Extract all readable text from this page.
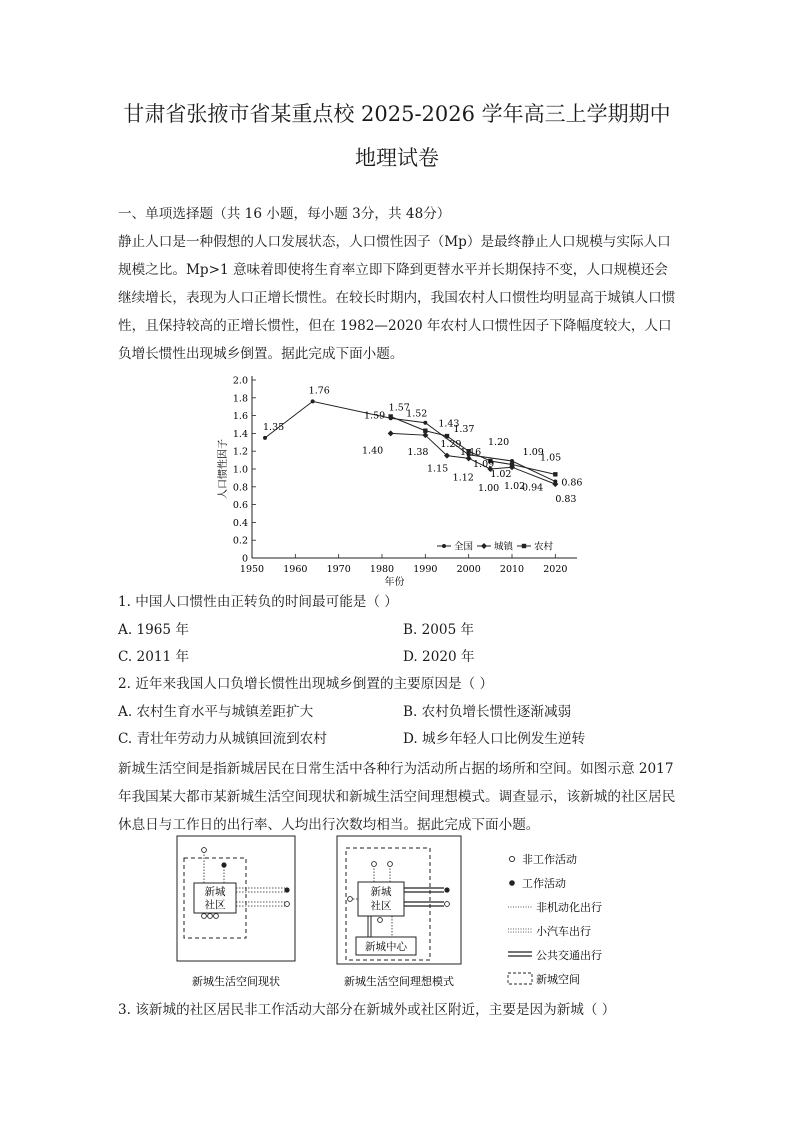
甘肃省张掖市省某重点校 2025-2026 学年高三上学期期中
地理试卷

一、单项选择题（共 16 小题，每小题 3分，共 48分）

静止人口是一种假想的人口发展状态，人口惯性因子（Mp）是最终静止人口规模与实际人口规模之比。Mp>1 意味着即使将生育率立即下降到更替水平并长期保持不变，人口规模还会继续增长，表现为人口正增长惯性。在较长时期内，我国农村人口惯性均明显高于城镇人口惯性，且保持较高的正增长惯性，但在 1982—2020 年农村人口惯性因子下降幅度较大，人口负增长惯性出现城乡倒置。据此完成下面小题。

0
0.2
0.4
0.6
0.8
1.0
1.2
1.4
1.6
1.8
2.0
1950 1960 1970 1980 1990 2000 2010 2020
年份
人口惯性因子
1.35
1.76
1.57
1.52
1.43
1.37
1.59
1.29	1.20
1.16
1.09
1.40	1.38	1.09
1.02
1.05
0.86
1.15
1.12
1.00 1.02
0.94
0.83
全国 城镇 农村
1. 中国人口惯性由正转负的时间最可能是（ ）
A. 1965 年	B. 2005 年
C. 2011 年	D. 2020 年
2. 近年来我国人口负增长惯性出现城乡倒置的主要原因是（ ）
A. 农村生育水平与城镇差距扩大	B. 农村负增长惯性逐渐减弱
C. 青壮年劳动力从城镇回流到农村	D. 城乡年轻人口比例发生逆转

新城生活空间是指新城居民在日常生活中各种行为活动所占据的场所和空间。如图示意 2017 年我国某大都市某新城生活空间现状和新城生活空间理想模式。调查显示，该新城的社区居民休息日与工作日的出行率、人均出行次数均相当。据此完成下面小题。

新城
社区
新城生活空间现状
新城
社区
新城中心
新城生活空间理想模式
非工作活动
工作活动
非机动化出行
小汽车出行
公共交通出行
新城空间
3. 该新城的社区居民非工作活动大部分在新城外或社区附近，主要是因为新城（ ）
